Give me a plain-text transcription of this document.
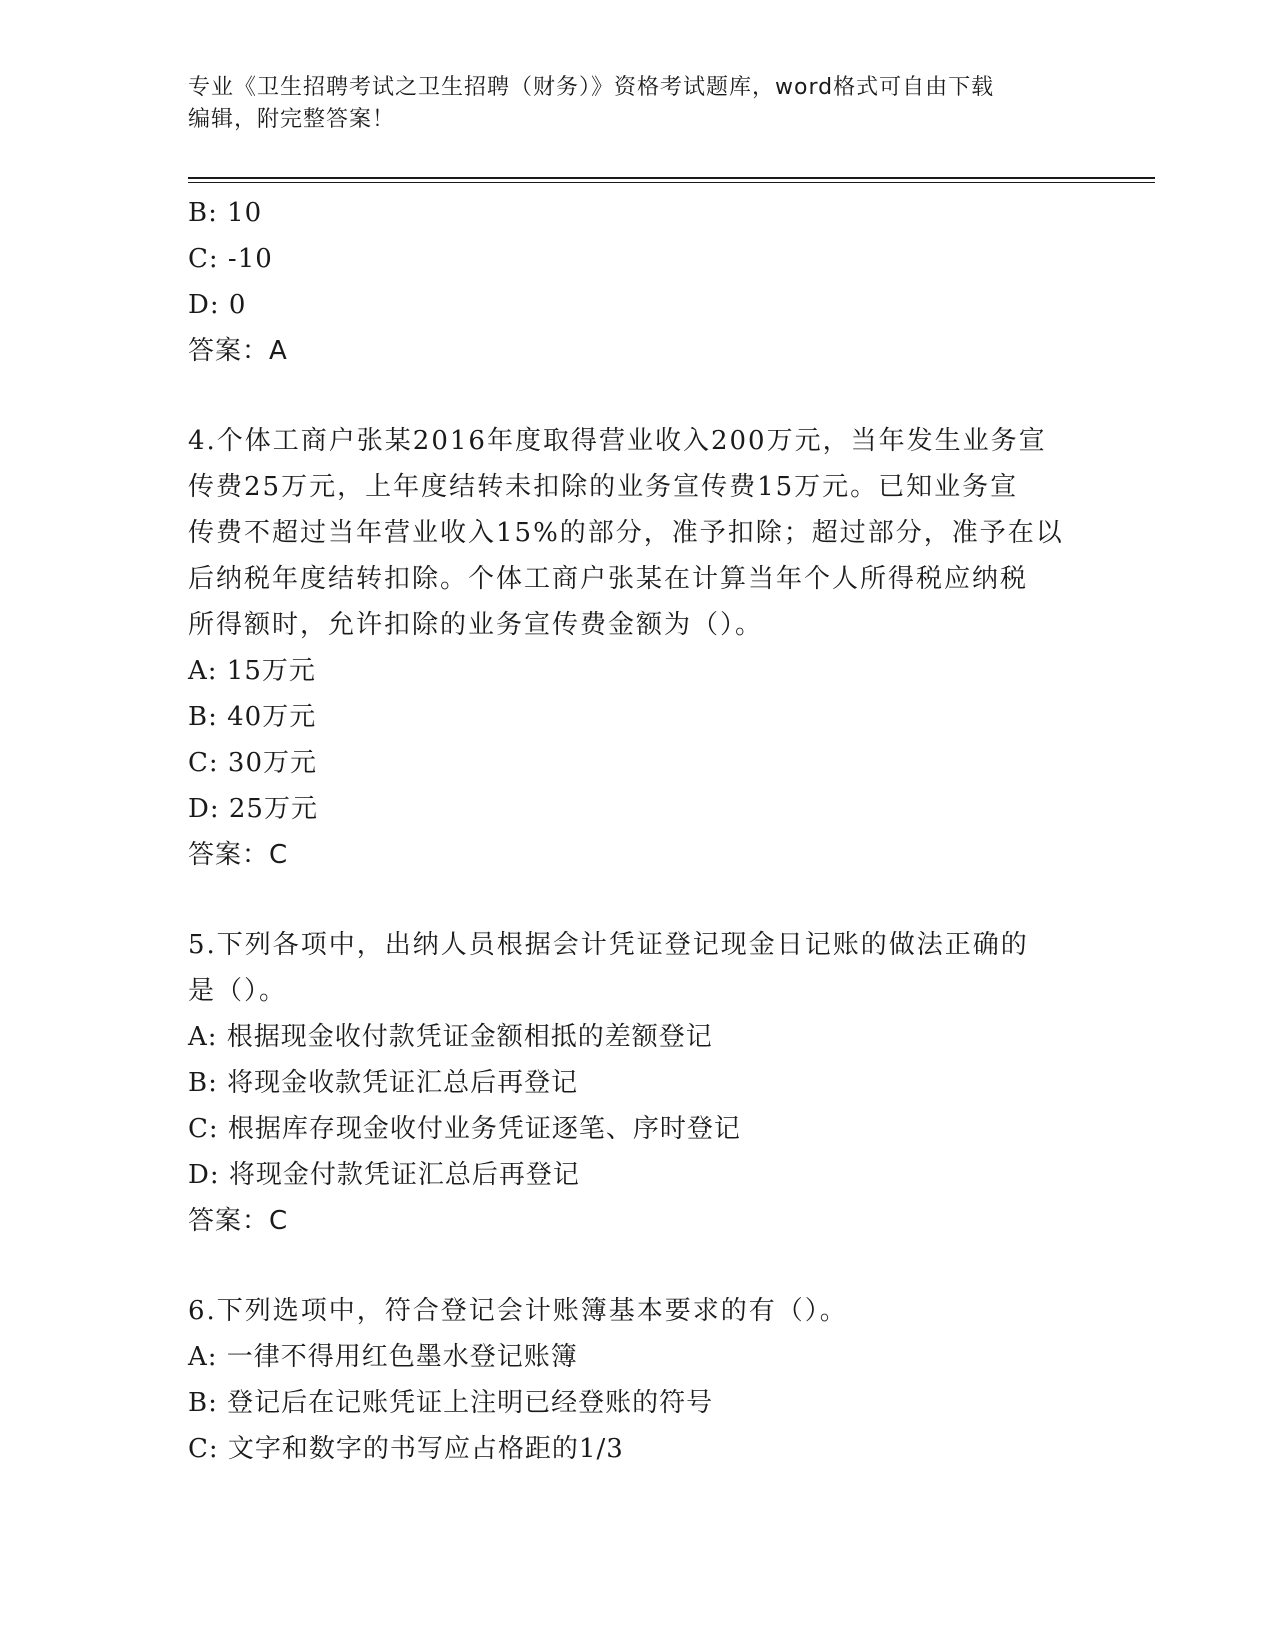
专业《卫生招聘考试之卫生招聘（财务）》资格考试题库，word格式可自由下载
编辑，附完整答案！
B: 10
C: -10
D: 0
答案：A
4.个体工商户张某2016年度取得营业收入200万元，当年发生业务宣
传费25万元，上年度结转未扣除的业务宣传费15万元。已知业务宣
传费不超过当年营业收入15%的部分，准予扣除；超过部分，准予在以
后纳税年度结转扣除。个体工商户张某在计算当年个人所得税应纳税
所得额时，允许扣除的业务宣传费金额为（）。
A: 15万元
B: 40万元
C: 30万元
D: 25万元
答案：C
5.下列各项中，出纳人员根据会计凭证登记现金日记账的做法正确的
是（）。
A: 根据现金收付款凭证金额相抵的差额登记
B: 将现金收款凭证汇总后再登记
C: 根据库存现金收付业务凭证逐笔、序时登记
D: 将现金付款凭证汇总后再登记
答案：C
6.下列选项中，符合登记会计账簿基本要求的有（）。
A: 一律不得用红色墨水登记账簿
B: 登记后在记账凭证上注明已经登账的符号
C: 文字和数字的书写应占格距的1/3
